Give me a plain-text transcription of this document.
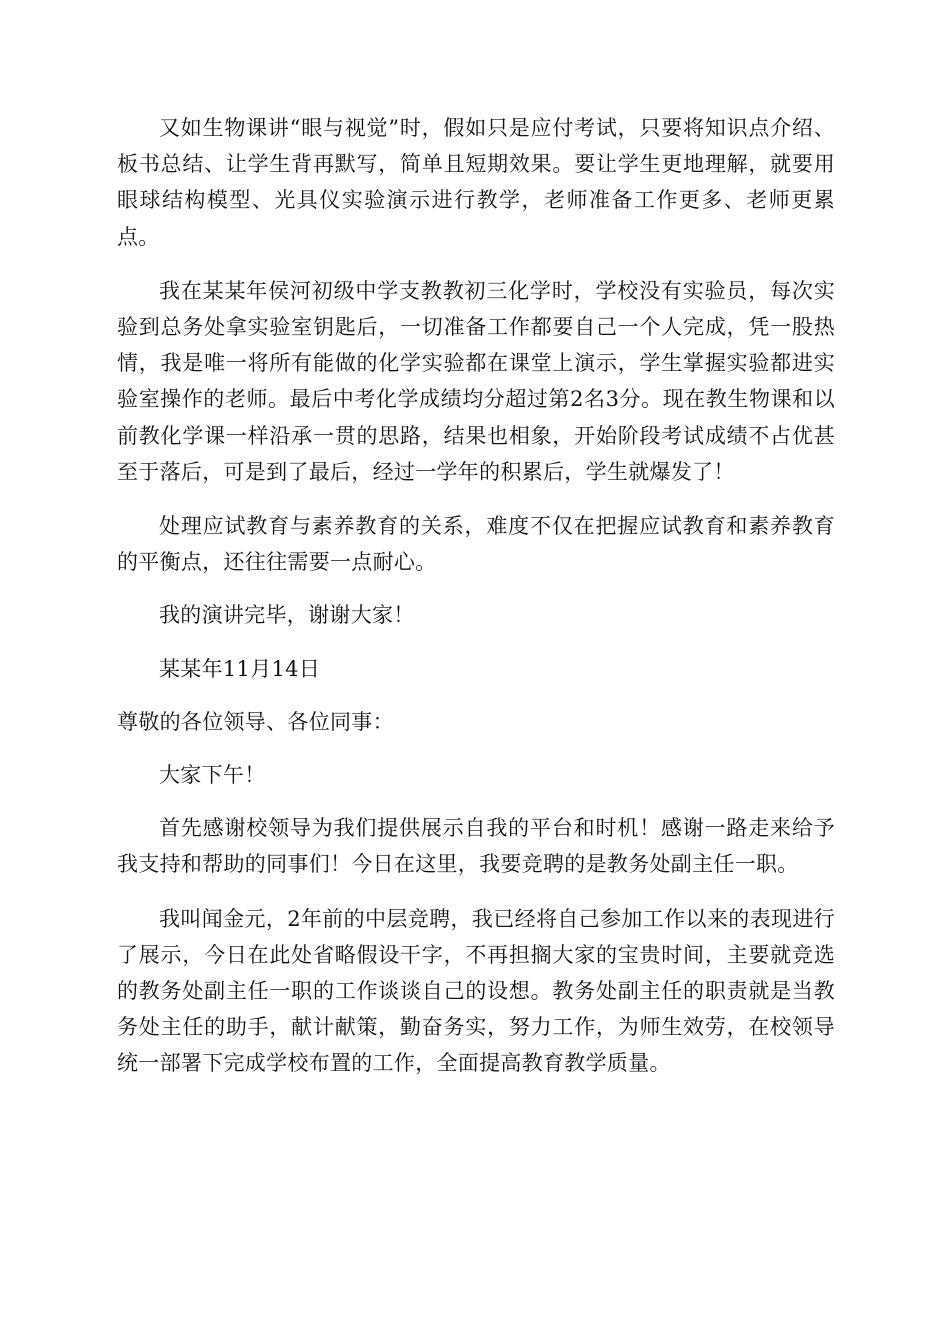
又如生物课讲“眼与视觉”时，假如只是应付考试，只要将知识点介绍、板书总结、让学生背再默写，简单且短期效果。要让学生更地理解，就要用眼球结构模型、光具仪实验演示进行教学，老师准备工作更多、老师更累点。

我在某某年侯河初级中学支教教初三化学时，学校没有实验员，每次实验到总务处拿实验室钥匙后，一切准备工作都要自己一个人完成，凭一股热情，我是唯一将所有能做的化学实验都在课堂上演示，学生掌握实验都进实验室操作的老师。最后中考化学成绩均分超过第2名3分。现在教生物课和以前教化学课一样沿承一贯的思路，结果也相象，开始阶段考试成绩不占优甚至于落后，可是到了最后，经过一学年的积累后，学生就爆发了！

处理应试教育与素养教育的关系，难度不仅在把握应试教育和素养教育的平衡点，还往往需要一点耐心。

我的演讲完毕，谢谢大家！

某某年11月14日

尊敬的各位领导、各位同事：

大家下午！

首先感谢校领导为我们提供展示自我的平台和时机！感谢一路走来给予我支持和帮助的同事们！今日在这里，我要竞聘的是教务处副主任一职。

我叫闻金元，2年前的中层竞聘，我已经将自己参加工作以来的表现进行了展示，今日在此处省略假设干字，不再担搁大家的宝贵时间，主要就竞选的教务处副主任一职的工作谈谈自己的设想。教务处副主任的职责就是当教务处主任的助手，献计献策，勤奋务实，努力工作，为师生效劳，在校领导统一部署下完成学校布置的工作，全面提高教育教学质量。
